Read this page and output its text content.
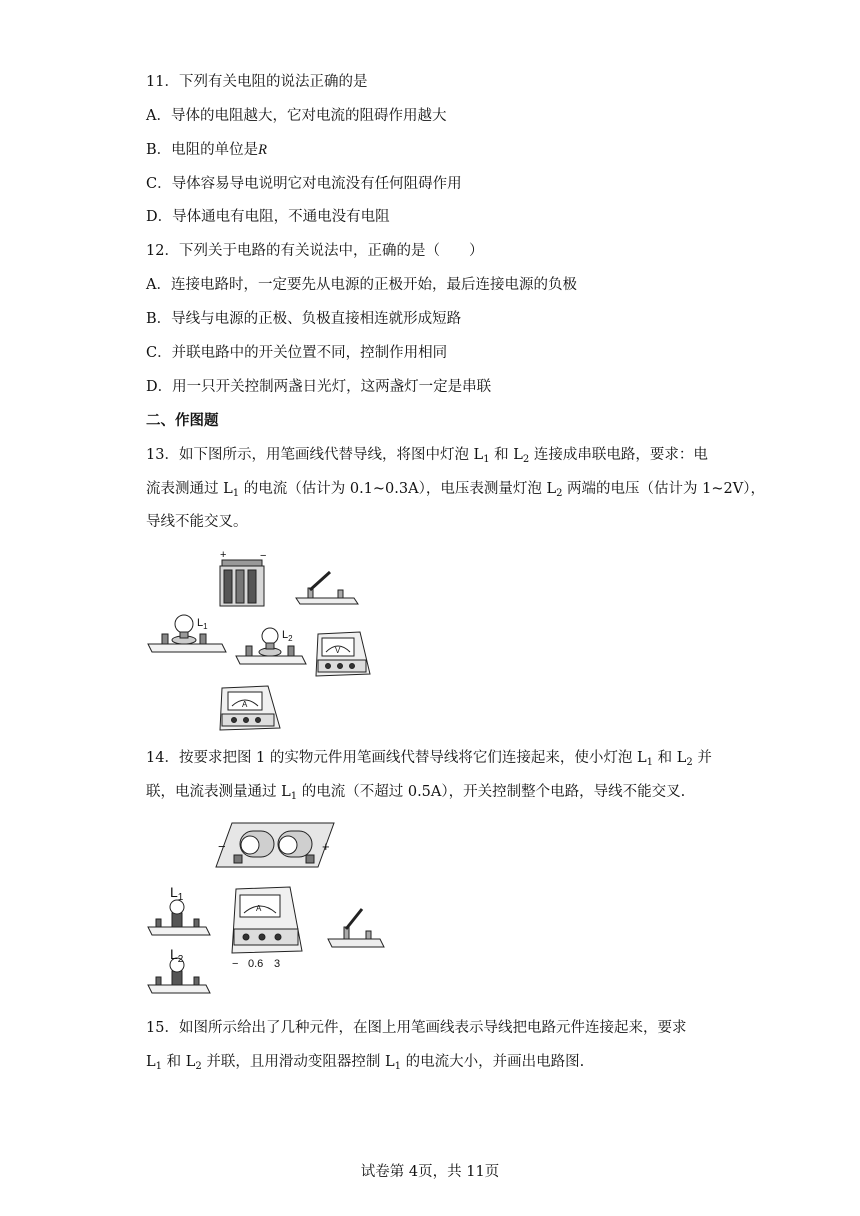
11．下列有关电阻的说法正确的是
A．导体的电阻越大，它对电流的阻碍作用越大
B．电阻的单位是R
C．导体容易导电说明它对电流没有任何阻碍作用
D．导体通电有电阻，不通电没有电阻
12．下列关于电路的有关说法中，正确的是（　　）
A．连接电路时，一定要先从电源的正极开始，最后连接电源的负极
B．导线与电源的正极、负极直接相连就形成短路
C．并联电路中的开关位置不同，控制作用相同
D．用一只开关控制两盏日光灯，这两盏灯一定是串联
二、作图题
13．如下图所示，用笔画线代替导线，将图中灯泡 $L_1$ 和 $L_2$ 连接成串联电路，要求：电
流表测通过 $L_1$ 的电流（估计为 0.1~0.3A），电压表测量灯泡 $L_2$ 两端的电压（估计为 1~2V），
导线不能交叉。
+	−
$L_1$
$L_2$
V
A
14．按要求把图 1 的实物元件用笔画线代替导线将它们连接起来，使小灯泡 $L_1$ 和 $L_2$ 并
联，电流表测量通过 $L_1$ 的电流（不超过 0.5A），开关控制整个电路，导线不能交叉.
−	+
$L_1$
$L_2$
A
− 0.6 3
15．如图所示给出了几种元件，在图上用笔画线表示导线把电路元件连接起来，要求
$L_1$ 和 $L_2$ 并联，且用滑动变阻器控制 $L_1$ 的电流大小，并画出电路图.
试卷第 4页，共 11页
